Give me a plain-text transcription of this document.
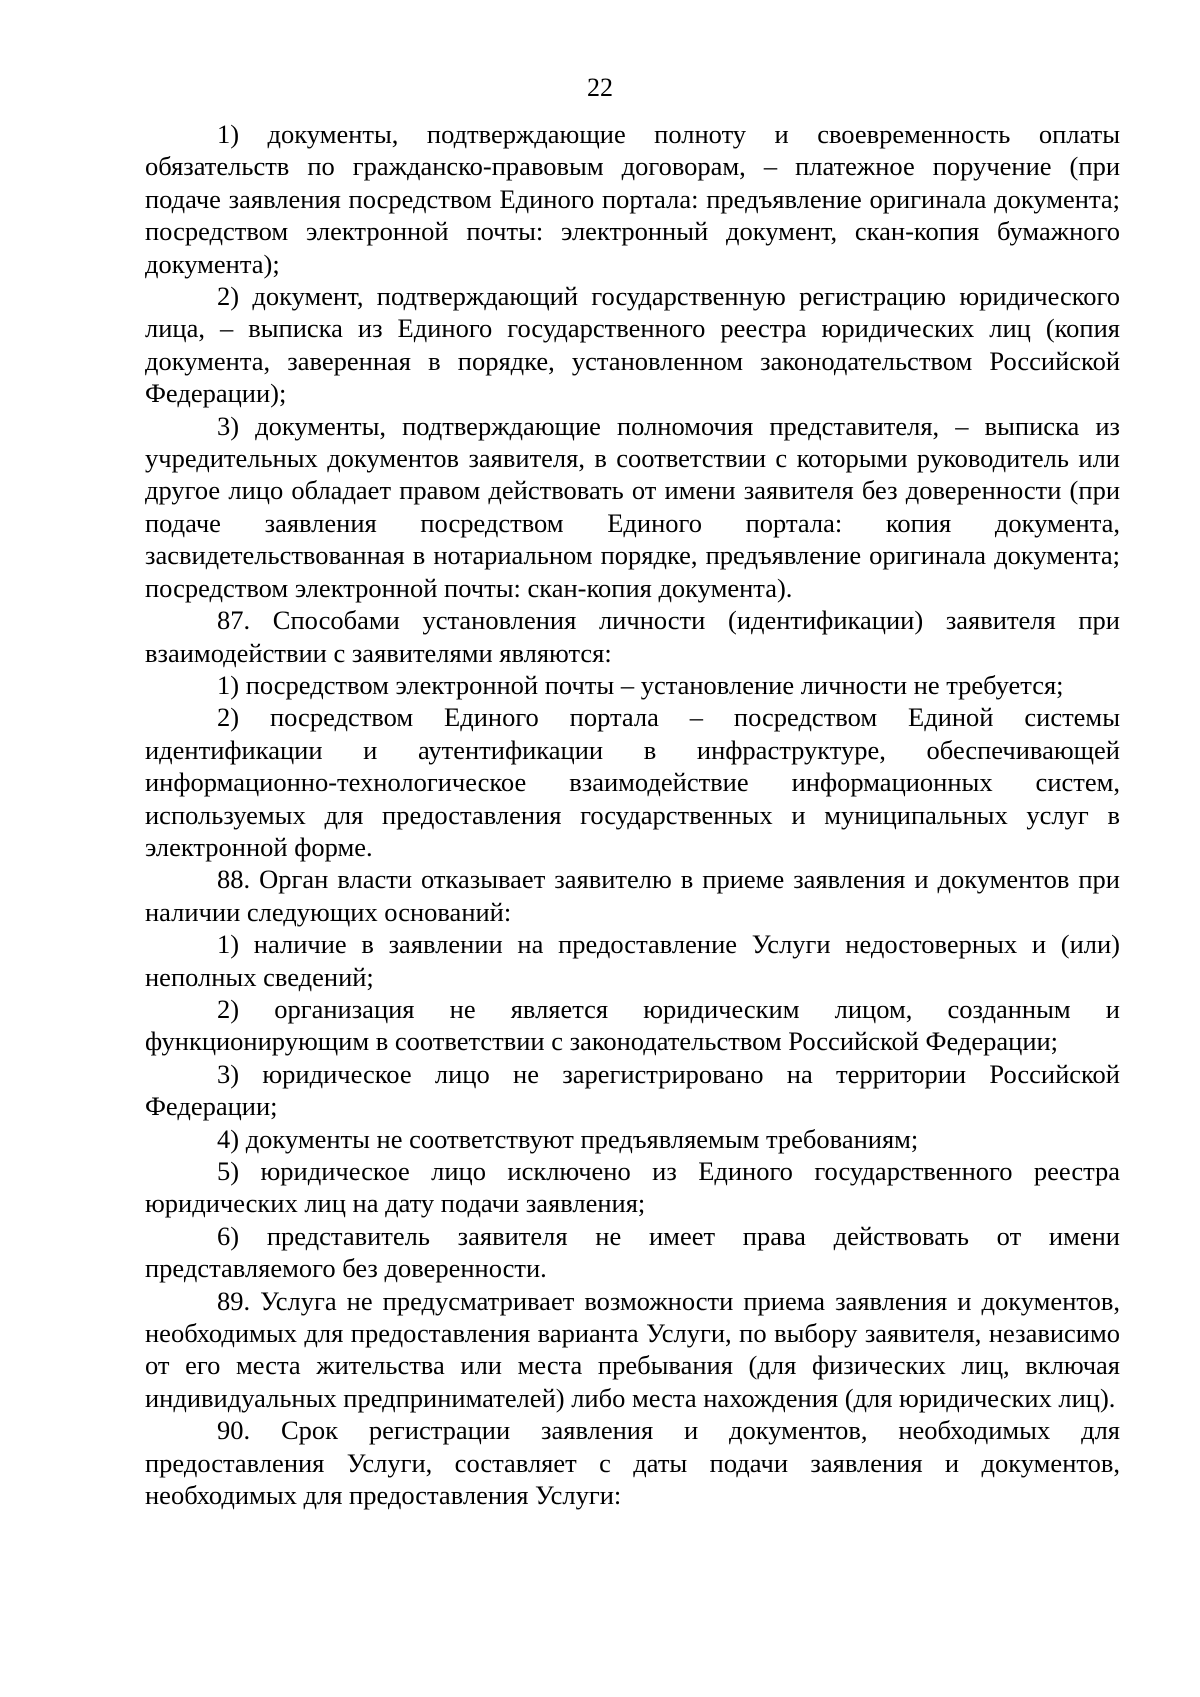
22

1) документы, подтверждающие полноту и своевременность оплаты обязательств по гражданско-правовым договорам, – платежное поручение (при подаче заявления посредством Единого портала: предъявление оригинала документа; посредством электронной почты: электронный документ, скан-копия бумажного документа);

2) документ, подтверждающий государственную регистрацию юридического лица, – выписка из Единого государственного реестра юридических лиц (копия документа, заверенная в порядке, установленном законодательством Российской Федерации);

3) документы, подтверждающие полномочия представителя, – выписка из учредительных документов заявителя, в соответствии с которыми руководитель или другое лицо обладает правом действовать от имени заявителя без доверенности (при подаче заявления посредством Единого портала: копия документа, засвидетельствованная в нотариальном порядке, предъявление оригинала документа; посредством электронной почты: скан-копия документа).

87. Способами установления личности (идентификации) заявителя при взаимодействии с заявителями являются:

1) посредством электронной почты – установление личности не требуется;

2) посредством Единого портала – посредством Единой системы идентификации и аутентификации в инфраструктуре, обеспечивающей информационно-технологическое взаимодействие информационных систем, используемых для предоставления государственных и муниципальных услуг в электронной форме.

88. Орган власти отказывает заявителю в приеме заявления и документов при наличии следующих оснований:

1) наличие в заявлении на предоставление Услуги недостоверных и (или) неполных сведений;

2) организация не является юридическим лицом, созданным и функционирующим в соответствии с законодательством Российской Федерации;

3) юридическое лицо не зарегистрировано на территории Российской Федерации;

4) документы не соответствуют предъявляемым требованиям;

5) юридическое лицо исключено из Единого государственного реестра юридических лиц на дату подачи заявления;

6) представитель заявителя не имеет права действовать от имени представляемого без доверенности.

89. Услуга не предусматривает возможности приема заявления и документов, необходимых для предоставления варианта Услуги, по выбору заявителя, независимо от его места жительства или места пребывания (для физических лиц, включая индивидуальных предпринимателей) либо места нахождения (для юридических лиц).

90. Срок регистрации заявления и документов, необходимых для предоставления Услуги, составляет с даты подачи заявления и документов, необходимых для предоставления Услуги:
